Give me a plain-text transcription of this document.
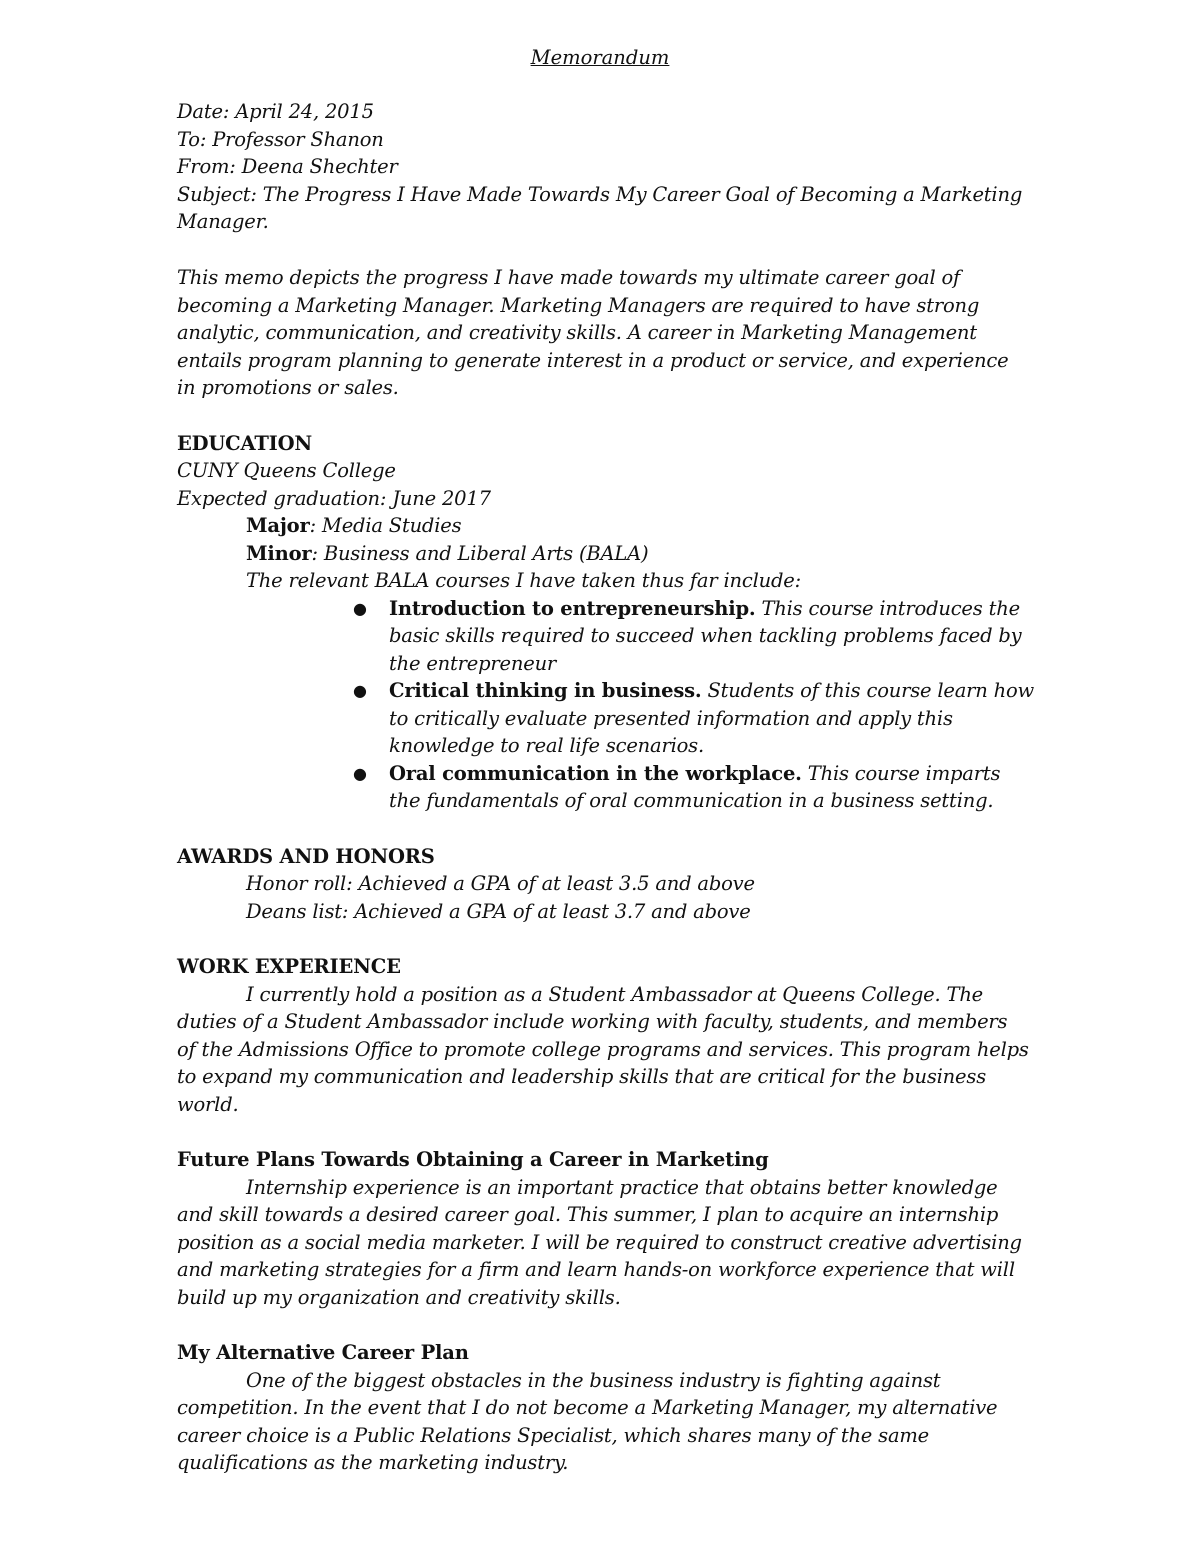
Memorandum
Date: April 24, 2015
To: Professor Shanon
From: Deena Shechter
Subject: The Progress I Have Made Towards My Career Goal of Becoming a Marketing
Manager.
This memo depicts the progress I have made towards my ultimate career goal of
becoming a Marketing Manager. Marketing Managers are required to have strong
analytic, communication, and creativity skills. A career in Marketing Management
entails program planning to generate interest in a product or service, and experience
in promotions or sales.
EDUCATION
CUNY Queens College
Expected graduation: June 2017
Major: Media Studies
Minor: Business and Liberal Arts (BALA)
The relevant BALA courses I have taken thus far include:
● Introduction to entrepreneurship. This course introduces the
basic skills required to succeed when tackling problems faced by
the entrepreneur
● Critical thinking in business. Students of this course learn how
to critically evaluate presented information and apply this
knowledge to real life scenarios.
● Oral communication in the workplace. This course imparts
the fundamentals of oral communication in a business setting.
AWARDS AND HONORS
Honor roll: Achieved a GPA of at least 3.5 and above
Deans list: Achieved a GPA of at least 3.7 and above
WORK EXPERIENCE
I currently hold a position as a Student Ambassador at Queens College. The
duties of a Student Ambassador include working with faculty, students, and members
of the Admissions Office to promote college programs and services. This program helps
to expand my communication and leadership skills that are critical for the business
world.
Future Plans Towards Obtaining a Career in Marketing
Internship experience is an important practice that obtains better knowledge
and skill towards a desired career goal. This summer, I plan to acquire an internship
position as a social media marketer. I will be required to construct creative advertising
and marketing strategies for a firm and learn hands-on workforce experience that will
build up my organization and creativity skills.
My Alternative Career Plan
One of the biggest obstacles in the business industry is fighting against
competition. In the event that I do not become a Marketing Manager, my alternative
career choice is a Public Relations Specialist, which shares many of the same
qualifications as the marketing industry.
